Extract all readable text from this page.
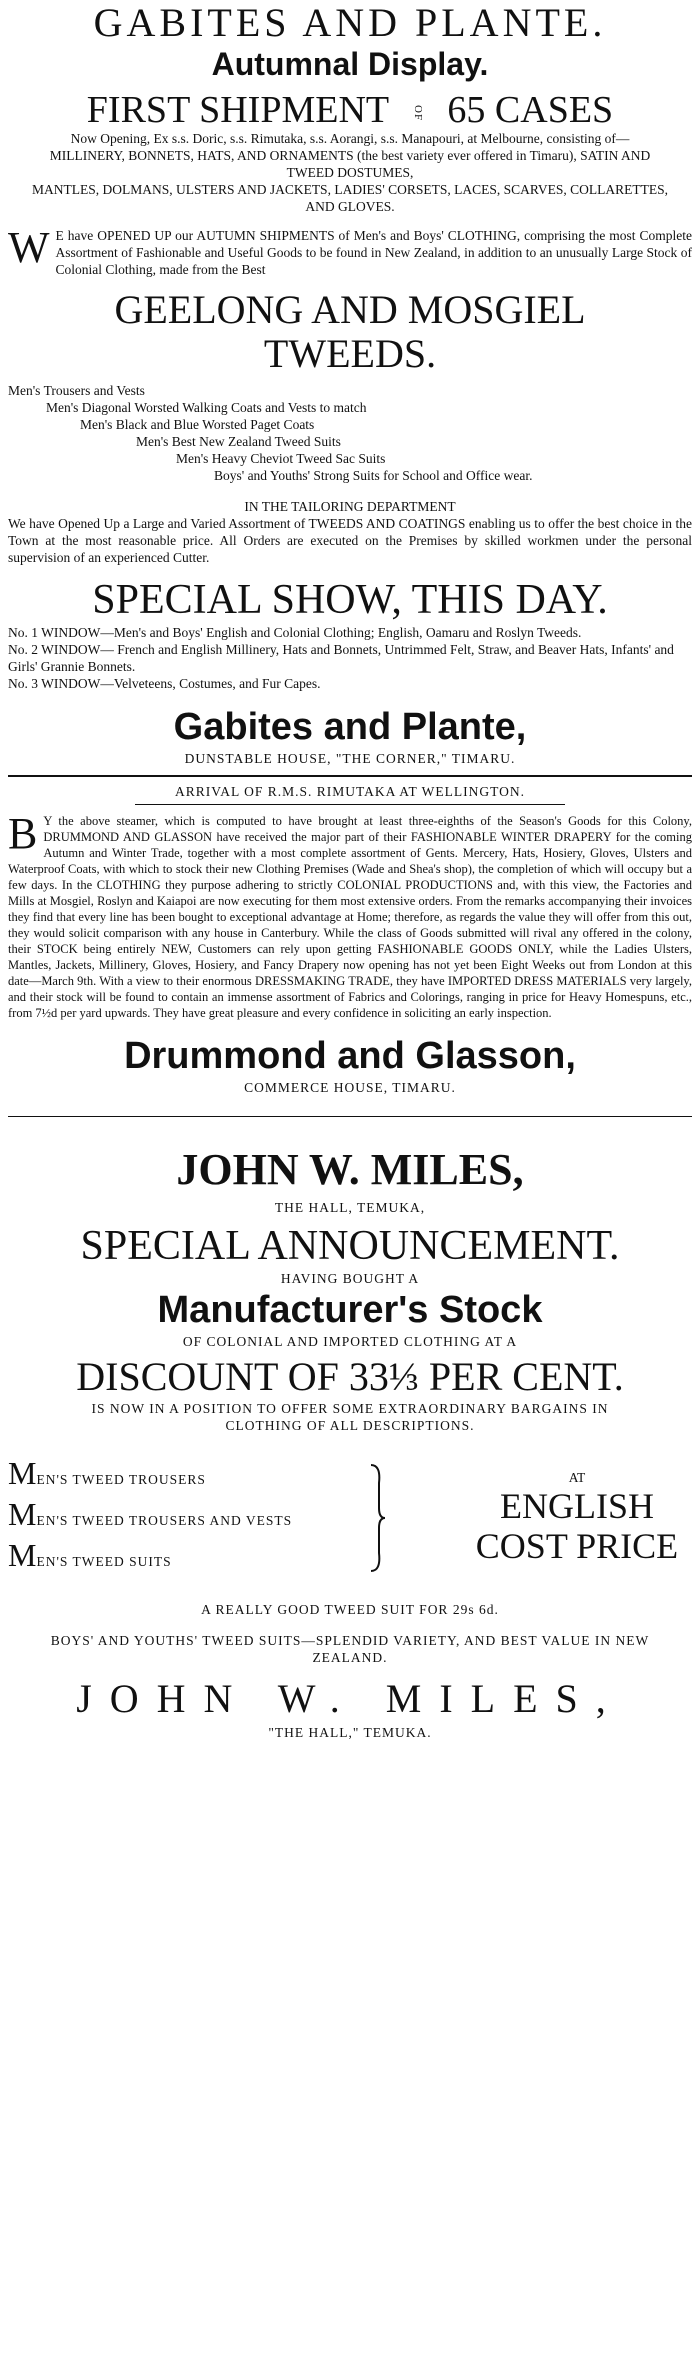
GABITES AND PLANTE.
Autumnal Display.
FIRST SHIPMENT OF 65 CASES
Now Opening, Ex s.s. Doric, s.s. Rimutaka, s.s. Aorangi, s.s. Manapouri, at Melbourne, consisting of—
MILLINERY, BONNETS, HATS, AND ORNAMENTS (the best variety ever offered in Timaru), SATIN AND TWEED DOSTUMES,
MANTLES, DOLMANS, ULSTERS AND JACKETS, LADIES' CORSETS, LACES, SCARVES, COLLARETTES, AND GLOVES.
W E have OPENED UP our AUTUMN SHIPMENTS of Men's and Boys' CLOTHING, comprising the most Complete Assortment of Fashionable and Useful Goods to be found in New Zealand, in addition to an unusually Large Stock of Colonial Clothing, made from the Best
GEELONG AND MOSGIEL
TWEEDS.
Men's Trousers and Vests
Men's Diagonal Worsted Walking Coats and Vests to match
Men's Black and Blue Worsted Paget Coats
Men's Best New Zealand Tweed Suits
Men's Heavy Cheviot Tweed Sac Suits
Boys' and Youths' Strong Suits for School and Office wear.
IN THE TAILORING DEPARTMENT
We have Opened Up a Large and Varied Assortment of TWEEDS AND COATINGS enabling us to offer the best choice in the Town at the most reasonable price. All Orders are executed on the Premises by skilled workmen under the personal supervision of an experienced Cutter.
SPECIAL SHOW, THIS DAY.
No. 1 WINDOW—Men's and Boys' English and Colonial Clothing; English, Oamaru and Roslyn Tweeds.
No. 2 WINDOW— French and English Millinery, Hats and Bonnets, Untrimmed Felt, Straw, and Beaver Hats, Infants' and Girls' Grannie Bonnets.
No. 3 WINDOW—Velveteens, Costumes, and Fur Capes.
Gabites and Plante,
DUNSTABLE HOUSE, "THE CORNER," TIMARU.
ARRIVAL OF R.M.S. RIMUTAKA AT WELLINGTON.
B Y the above steamer, which is computed to have brought at least three-eighths of the Season's Goods for this Colony, DRUMMOND AND GLASSON have received the major part of their FASHIONABLE WINTER DRAPERY for the coming Autumn and Winter Trade, together with a most complete assortment of Gents. Mercery, Hats, Hosiery, Gloves, Ulsters and Waterproof Coats, with which to stock their new Clothing Premises (Wade and Shea's shop), the completion of which will occupy but a few days. In the CLOTHING they purpose adhering to strictly COLONIAL PRODUCTIONS and, with this view, the Factories and Mills at Mosgiel, Roslyn and Kaiapoi are now executing for them most extensive orders. From the remarks accompanying their invoices they find that every line has been bought to exceptional advantage at Home; therefore, as regards the value they will offer from this out, they would solicit comparison with any house in Canterbury. While the class of Goods submitted will rival any offered in the colony, their STOCK being entirely NEW, Customers can rely upon getting FASHIONABLE GOODS ONLY, while the Ladies Ulsters, Mantles, Jackets, Millinery, Gloves, Hosiery, and Fancy Drapery now opening has not yet been Eight Weeks out from London at this date—March 9th. With a view to their enormous DRESSMAKING TRADE, they have IMPORTED DRESS MATERIALS very largely, and their stock will be found to contain an immense assortment of Fabrics and Colorings, ranging in price for Heavy Homespuns, etc., from 7½d per yard upwards. They have great pleasure and every confidence in soliciting an early inspection.
Drummond and Glasson,
COMMERCE HOUSE, TIMARU.
JOHN W. MILES,
THE HALL, TEMUKA,
SPECIAL ANNOUNCEMENT.
HAVING BOUGHT A
Manufacturer's Stock
OF COLONIAL AND IMPORTED CLOTHING AT A
DISCOUNT OF 33⅓ PER CENT.
IS NOW IN A POSITION TO OFFER SOME EXTRAORDINARY BARGAINS IN CLOTHING OF ALL DESCRIPTIONS.
MEN'S TWEED TROUSERS
MEN'S TWEED TROUSERS AND VESTS
MEN'S TWEED SUITS
AT
ENGLISH
COST PRICE
A REALLY GOOD TWEED SUIT FOR 29s 6d.
BOYS' AND YOUTHS' TWEED SUITS—SPLENDID VARIETY, AND BEST VALUE IN NEW ZEALAND.
JOHN W. MILES,
"THE HALL," TEMUKA.
